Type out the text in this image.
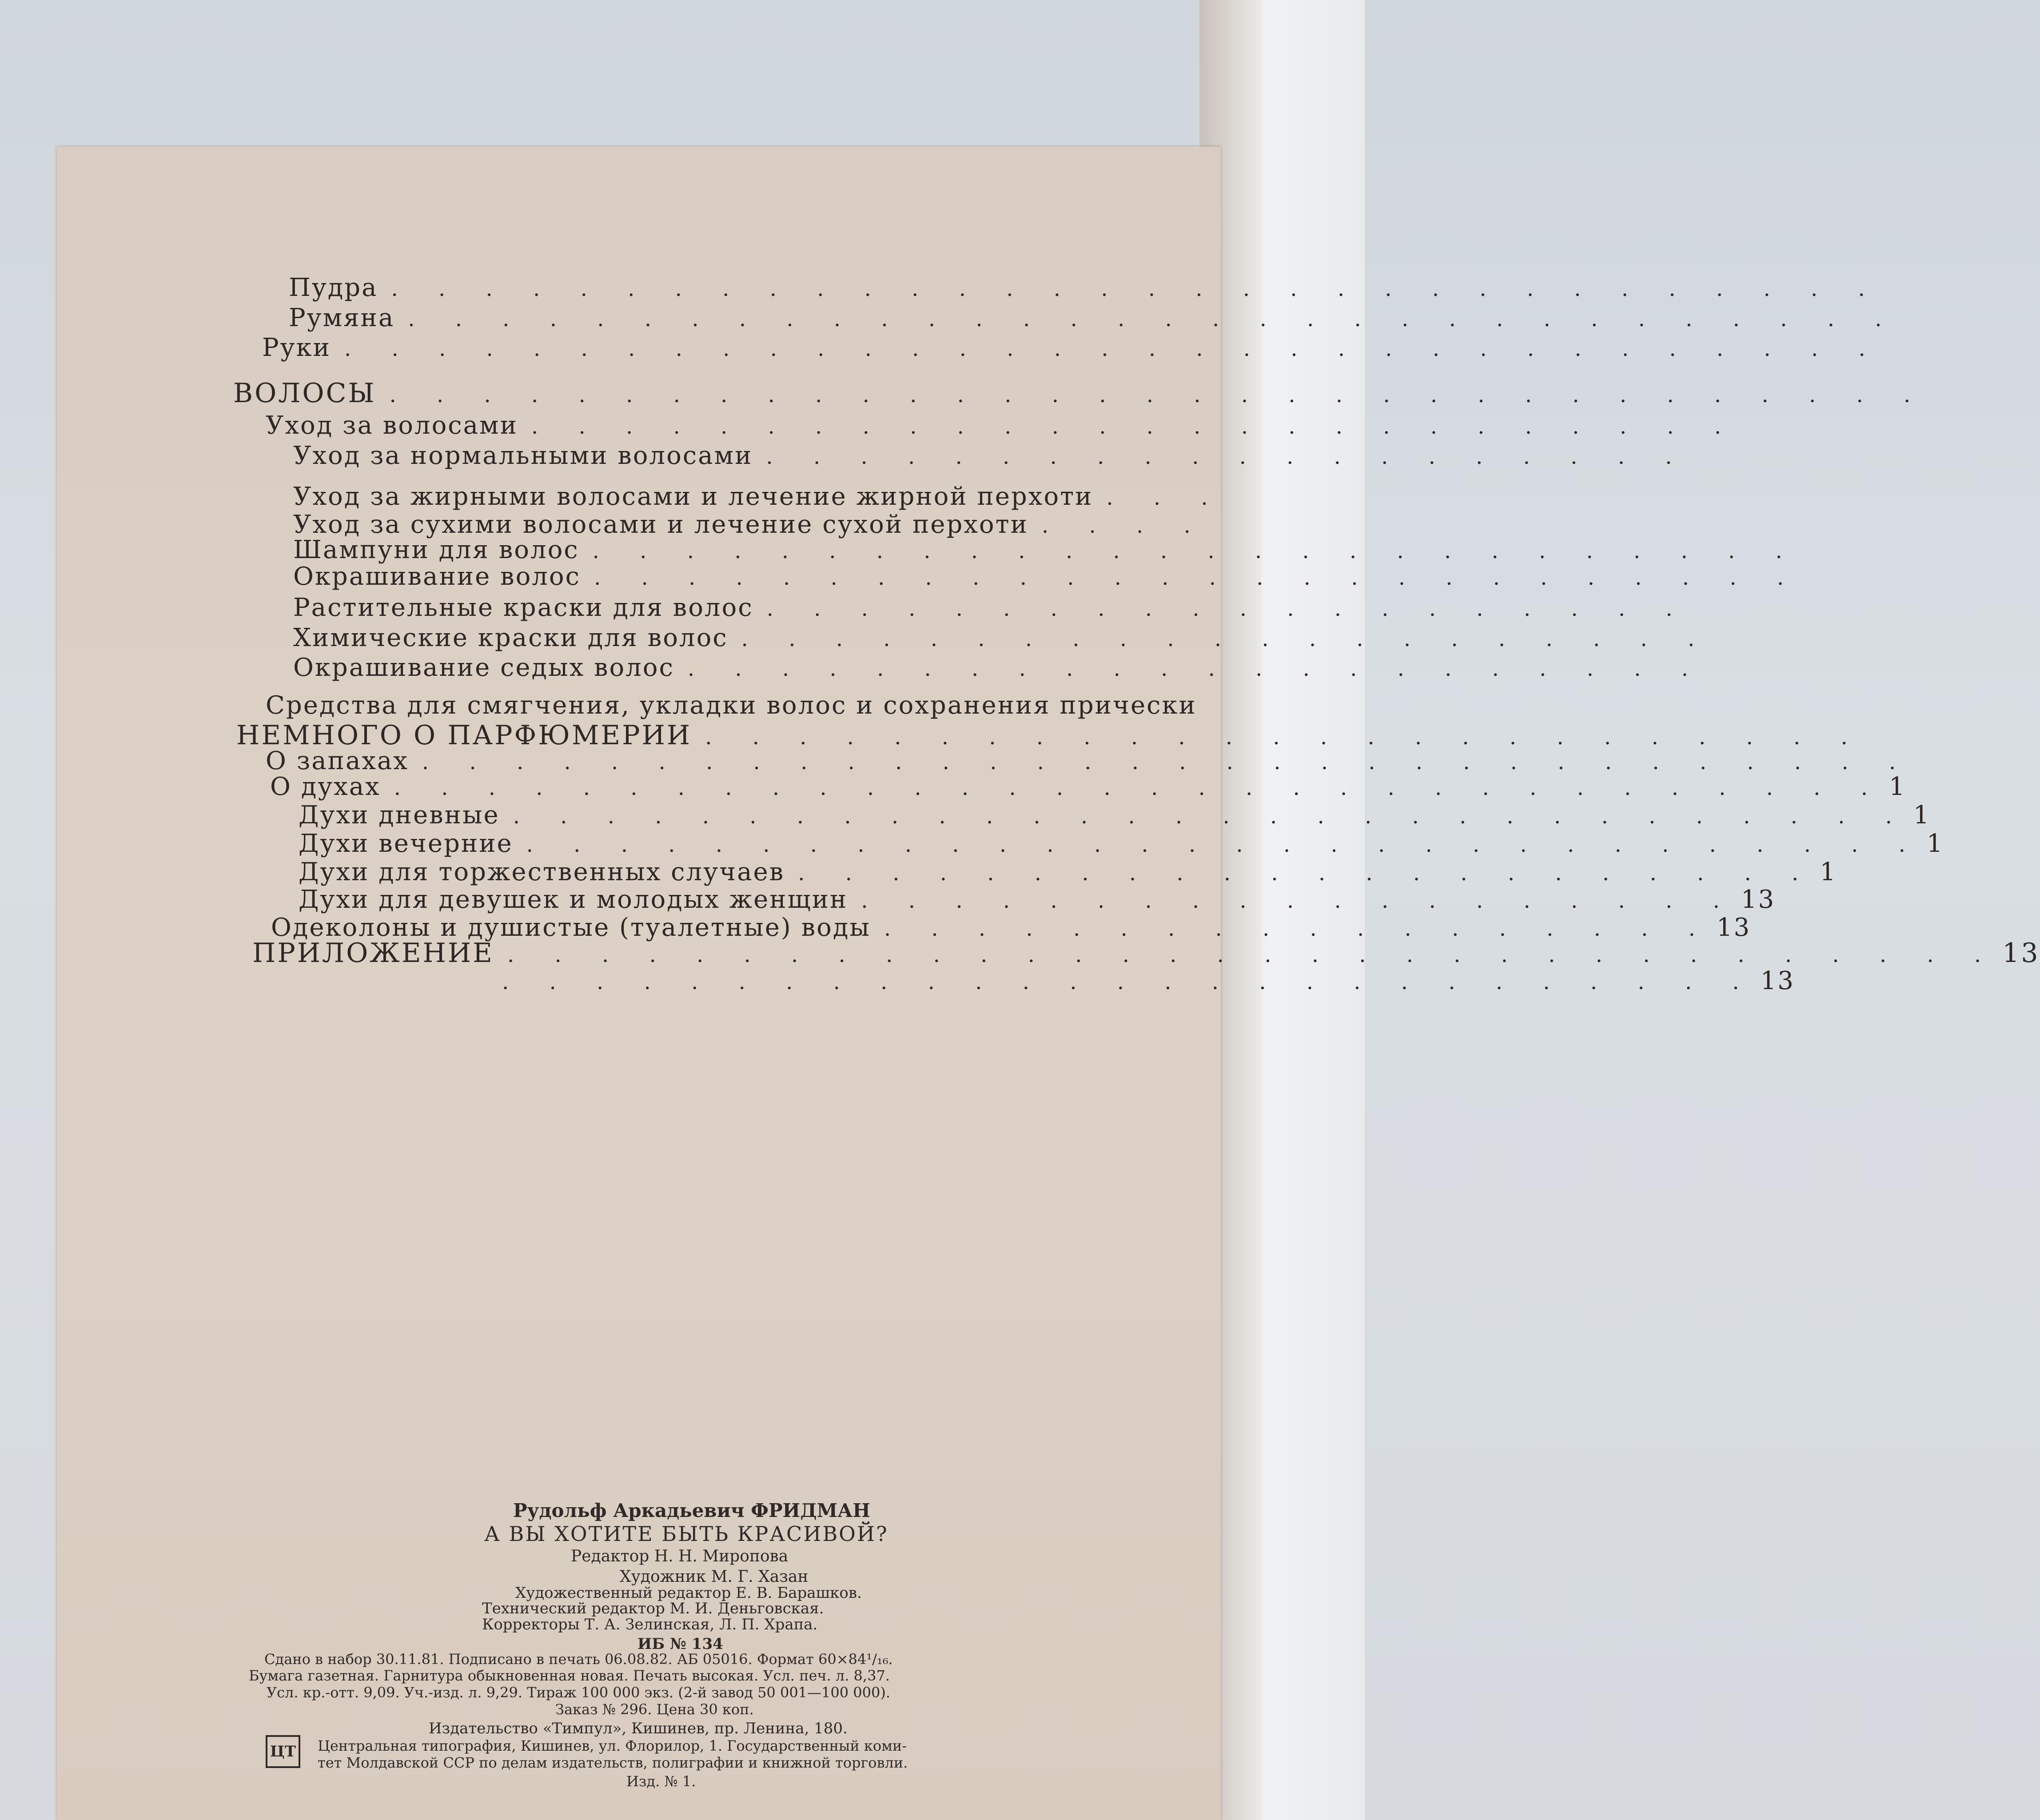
Пудра . . . . . . . . . . . . . . . . . . . . . . . . . . . . . . . .
Румяна . . . . . . . . . . . . . . . . . . . . . . . . . . . . . . . .
Руки . . . . . . . . . . . . . . . . . . . . . . . . . . . . . . . . .
ВОЛОСЫ . . . . . . . . . . . . . . . . . . . . . . . . . . . . . . . . .
Уход за волосами . . . . . . . . . . . . . . . . . . . . . . . . . .
Уход за нормальными волосами . . . . . . . . . . . . . . . . . . . .
Уход за жирными волосами и лечение жирной перхоти . . .
Уход за сухими волосами и лечение сухой перхоти . . . .
Шампуни для волос . . . . . . . . . . . . . . . . . . . . . . . . . .
Окрашивание волос . . . . . . . . . . . . . . . . . . . . . . . . . .
Растительные краски для волос . . . . . . . . . . . . . . . . . . . .
Химические краски для волос . . . . . . . . . . . . . . . . . . . . .
Окрашивание седых волос . . . . . . . . . . . . . . . . . . . . . .
Средства для смягчения, укладки волос и сохранения прически
НЕМНОГО О ПАРФЮМЕРИИ . . . . . . . . . . . . . . . . . . . . . . . . .
О запахах . . . . . . . . . . . . . . . . . . . . . . . . . . . . . . . .
О духах . . . . . . . . . . . . . . . . . . . . . . . . . . . . . . . . 1
Духи дневные . . . . . . . . . . . . . . . . . . . . . . . . . . . . . . 1
Духи вечерние . . . . . . . . . . . . . . . . . . . . . . . . . . . . . . 1
Духи для торжественных случаев . . . . . . . . . . . . . . . . . . . . . . 1
Духи для девушек и молодых женщин . . . . . . . . . . . . . . . . . . . 13
Одеколоны и душистые (туалетные) воды . . . . . . . . . . . . . . . . . . 13
ПРИЛОЖЕНИЕ . . . . . . . . . . . . . . . . . . . . . . . . . . . . . . . . 13
. . . . . . . . . . . . . . . . . . . . . . . . . . . 13
Рудольф Аркадьевич ФРИДМАН
А ВЫ ХОТИТЕ БЫТЬ КРАСИВОЙ?
Редактор Н. Н. Миропова
Художник М. Г. Хазан
Художественный редактор Е. В. Барашков.
Технический редактор М. И. Деньговская.
Корректоры Т. А. Зелинская, Л. П. Храпа.
ИБ № 134
Сдано в набор 30.11.81. Подписано в печать 06.08.82. АБ 05016. Формат 60×84¹/₁₆.
Бумага газетная. Гарнитура обыкновенная новая. Печать высокая. Усл. печ. л. 8,37.
Усл. кр.-отт. 9,09. Уч.-изд. л. 9,29. Тираж 100 000 экз. (2-й завод 50 001—100 000).
Заказ № 296. Цена 30 коп.
Издательство «Тимпул», Кишинев, пр. Ленина, 180.
ЦТ	Центральная типография, Кишинев, ул. Флорилор, 1. Государственный коми-
тет Молдавской ССР по делам издательств, полиграфии и книжной торговли.
Изд. № 1.
